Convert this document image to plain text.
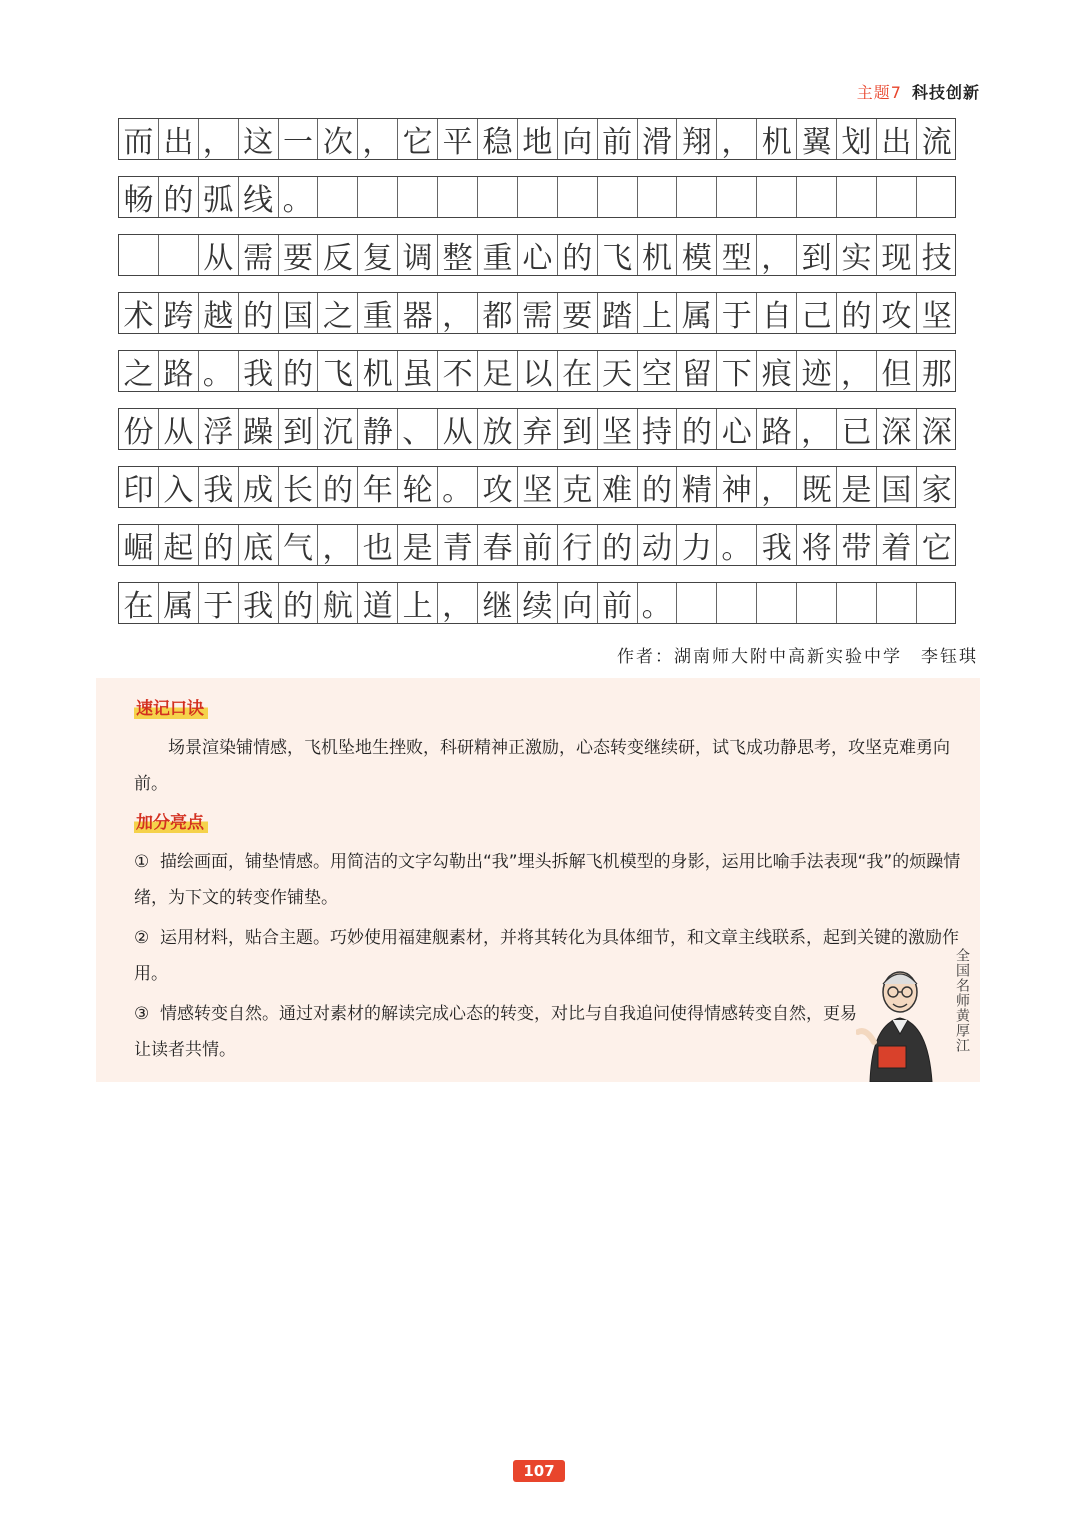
主题7 科技创新
而 出 ， 这 一 次 ， 它 平 稳 地 向 前 滑 翔 ， 机 翼 划 出 流
畅 的 弧 线 。
从 需 要 反 复 调 整 重 心 的 飞 机 模 型 ， 到 实 现 技
术 跨 越 的 国 之 重 器 ， 都 需 要 踏 上 属 于 自 己 的 攻 坚
之 路 。 我 的 飞 机 虽 不 足 以 在 天 空 留 下 痕 迹 ， 但 那
份 从 浮 躁 到 沉 静 、 从 放 弃 到 坚 持 的 心 路 ， 已 深 深
印 入 我 成 长 的 年 轮 。 攻 坚 克 难 的 精 神 ， 既 是 国 家
崛 起 的 底 气 ， 也 是 青 春 前 行 的 动 力 。 我 将 带 着 它
在 属 于 我 的 航 道 上 ， 继 续 向 前 。
作者：湖南师大附中高新实验中学　李钰琪
速记口诀
场景渲染铺情感，飞机坠地生挫败，科研精神正激励，心态转变继续研，试飞成功静思考，攻坚克难勇向前。
加分亮点
① 描绘画面，铺垫情感。用简洁的文字勾勒出“我”埋头拆解飞机模型的身影，运用比喻手法表现“我”的烦躁情绪，为下文的转变作铺垫。
② 运用材料，贴合主题。巧妙使用福建舰素材，并将其转化为具体细节，和文章主线联系，起到关键的激励作用。
③ 情感转变自然。通过对素材的解读完成心态的转变，对比与自我追问使得情感转变自然，更易让读者共情。	全国名师黄厚江
107
